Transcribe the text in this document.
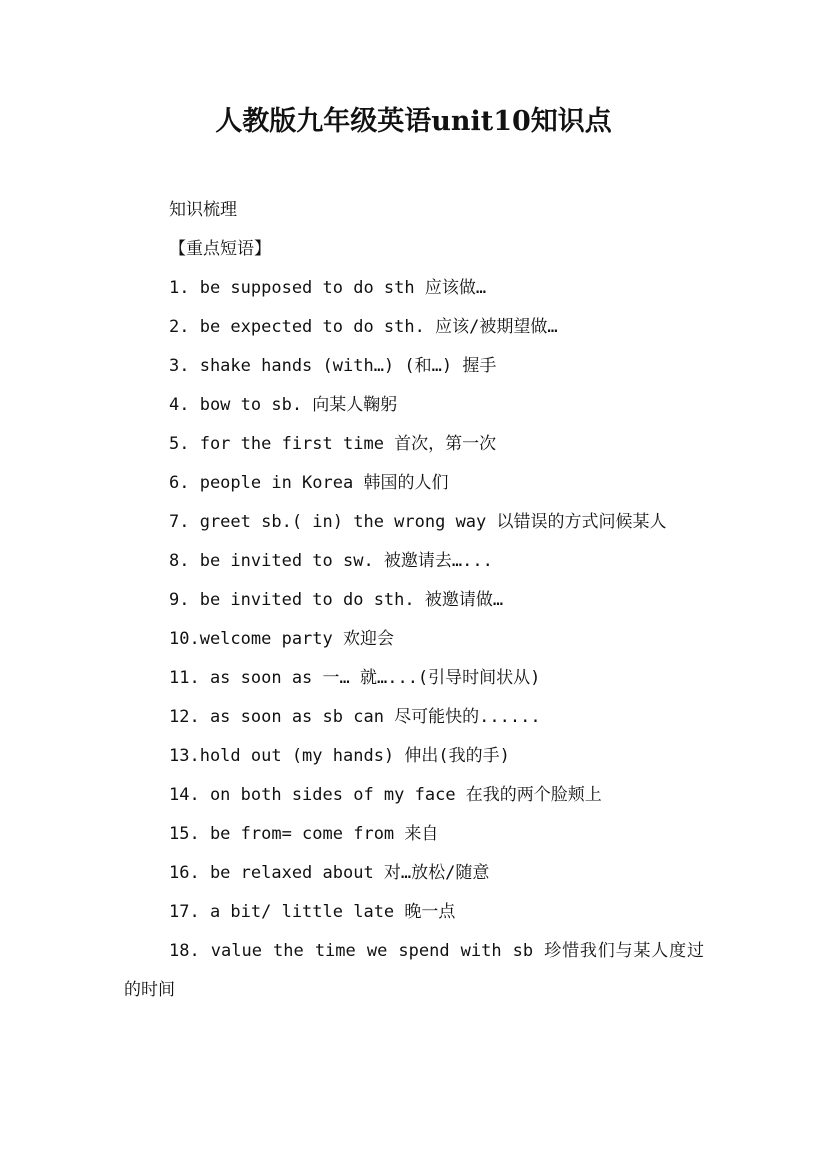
人教版九年级英语unit10知识点

知识梳理

【重点短语】

1. be supposed to do sth 应该做…

2. be expected to do sth. 应该/被期望做…

3. shake hands (with…) (和…) 握手

4. bow to sb. 向某人鞠躬

5. for the first time 首次，第一次

6. people in Korea 韩国的人们

7. greet sb.( in) the wrong way 以错误的方式问候某人

8. be invited to sw. 被邀请去…...

9. be invited to do sth. 被邀请做…

10.welcome party 欢迎会

11. as soon as 一… 就…...(引导时间状从)

12. as soon as sb can 尽可能快的......

13.hold out (my hands) 伸出(我的手)

14. on both sides of my face 在我的两个脸颊上

15. be from= come from 来自

16. be relaxed about 对…放松/随意

17. a bit/ little late 晚一点

18. value the time we spend with sb 珍惜我们与某人度过的时间
